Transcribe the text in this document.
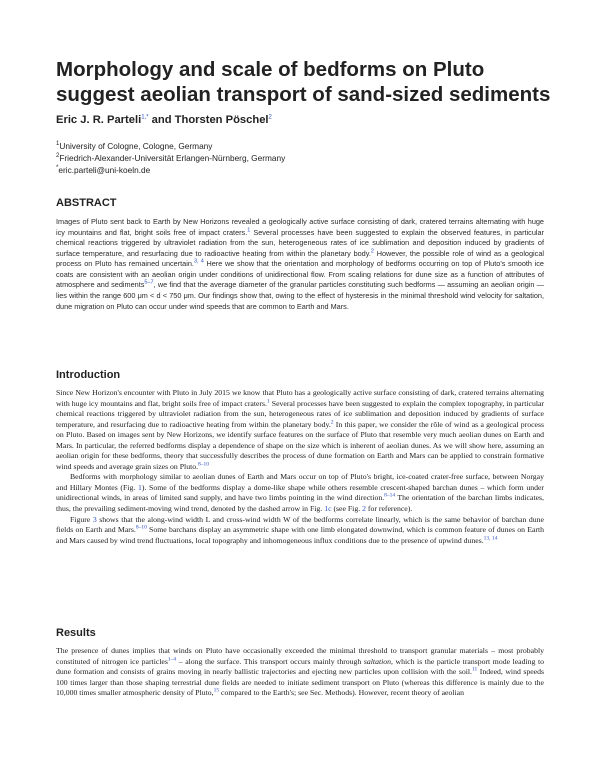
Morphology and scale of bedforms on Pluto suggest aeolian transport of sand-sized sediments
Eric J. R. Parteli$^{1,*}$ and Thorsten Pöschel$^2$
$^1$University of Cologne, Cologne, Germany
$^2$Friedrich-Alexander-Universität Erlangen-Nürnberg, Germany
*eric.parteli@uni-koeln.de
ABSTRACT

Images of Pluto sent back to Earth by New Horizons revealed a geologically active surface consisting of dark, cratered terrains alternating with huge icy mountains and flat, bright soils free of impact craters.$^1$ Several processes have been suggested to explain the observed features, in particular chemical reactions triggered by ultraviolet radiation from the sun, heterogeneous rates of ice sublimation and deposition induced by gradients of surface temperature, and resurfacing due to radioactive heating from within the planetary body.$^2$ However, the possible role of wind as a geological process on Pluto has remained uncertain.$^{3, 4}$ Here we show that the orientation and morphology of bedforms occurring on top of Pluto's smooth ice coats are consistent with an aeolian origin under conditions of unidirectional flow. From scaling relations for dune size as a function of attributes of atmosphere and sediments$^{5-7}$, we find that the average diameter of the granular particles constituting such bedforms — assuming an aeolian origin — lies within the range 600 μm < d < 750 μm. Our findings show that, owing to the effect of hysteresis in the minimal threshold wind velocity for saltation, dune migration on Pluto can occur under wind speeds that are common to Earth and Mars.

Introduction

Since New Horizon's encounter with Pluto in July 2015 we know that Pluto has a geologically active surface consisting of dark, cratered terrains alternating with huge icy mountains and flat, bright soils free of impact craters.$^1$ Several processes have been suggested to explain the complex topography, in particular chemical reactions triggered by ultraviolet radiation from the sun, heterogeneous rates of ice sublimation and deposition induced by gradients of surface temperature, and resurfacing due to radioactive heating from within the planetary body.$^2$ In this paper, we consider the rôle of wind as a geological process on Pluto. Based on images sent by New Horizons, we identify surface features on the surface of Pluto that resemble very much aeolian dunes on Earth and Mars. In particular, the referred bedforms display a dependence of shape on the size which is inherent of aeolian dunes. As we will show here, assuming an aeolian origin for these bedforms, theory that successfully describes the process of dune formation on Earth and Mars can be applied to constrain formative wind speeds and average grain sizes on Pluto.$^{8-10}$

Bedforms with morphology similar to aeolian dunes of Earth and Mars occur on top of Pluto's bright, ice-coated crater-free surface, between Norgay and Hillary Montes (Fig. 1). Some of the bedforms display a dome-like shape while others resemble crescent-shaped barchan dunes – which form under unidirectional winds, in areas of limited sand supply, and have two limbs pointing in the wind direction.$^{8-14}$ The orientation of the barchan limbs indicates, thus, the prevailing sediment-moving wind trend, denoted by the dashed arrow in Fig. 1c (see Fig. 2 for reference).

Figure 3 shows that the along-wind width L and cross-wind width W of the bedforms correlate linearly, which is the same behavior of barchan dune fields on Earth and Mars.$^{8-10}$ Some barchans display an asymmetric shape with one limb elongated downwind, which is common feature of dunes on Earth and Mars caused by wind trend fluctuations, local topography and inhomogeneous influx conditions due to the presence of upwind dunes.$^{13, 14}$

Results

The presence of dunes implies that winds on Pluto have occasionally exceeded the minimal threshold to transport granular materials – most probably constituted of nitrogen ice particles$^{1-4}$ – along the surface. This transport occurs mainly through saltation, which is the particle transport mode leading to dune formation and consists of grains moving in nearly ballistic trajectories and ejecting new particles upon collision with the soil.$^{11}$ Indeed, wind speeds 100 times larger than those shaping terrestrial dune fields are needed to initiate sediment transport on Pluto (whereas this difference is mainly due to the 10,000 times smaller atmospheric density of Pluto,$^{15}$ compared to the Earth's; see Sec. Methods). However, recent theory of aeolian
